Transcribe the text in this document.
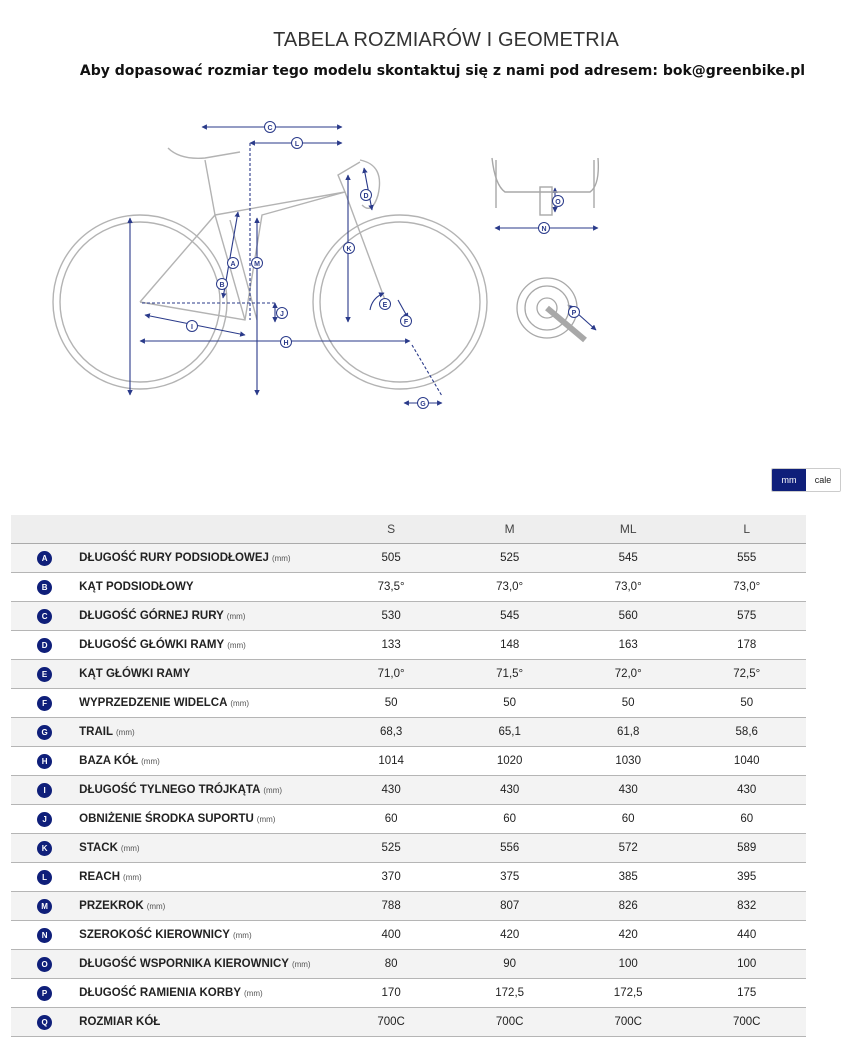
TABELA ROZMIARÓW I GEOMETRIA
Aby dopasować rozmiar tego modelu skontaktuj się z nami pod adresem: bok@greenbike.pl
A
B
C
D
E
F
G
H
I
J
K
L
M
N
O
P
mm	cale
		S	M	ML	L
A	DŁUGOŚĆ RURY PODSIODŁOWEJ (mm)	505	525	545	555
B	KĄT PODSIODŁOWY	73,5°	73,0°	73,0°	73,0°
C	DŁUGOŚĆ GÓRNEJ RURY (mm)	530	545	560	575
D	DŁUGOŚĆ GŁÓWKI RAMY (mm)	133	148	163	178
E	KĄT GŁÓWKI RAMY	71,0°	71,5°	72,0°	72,5°
F	WYPRZEDZENIE WIDELCA (mm)	50	50	50	50
G	TRAIL (mm)	68,3	65,1	61,8	58,6
H	BAZA KÓŁ (mm)	1014	1020	1030	1040
I	DŁUGOŚĆ TYLNEGO TRÓJKĄTA (mm)	430	430	430	430
J	OBNIŻENIE ŚRODKA SUPORTU (mm)	60	60	60	60
K	STACK (mm)	525	556	572	589
L	REACH (mm)	370	375	385	395
M	PRZEKROK (mm)	788	807	826	832
N	SZEROKOŚĆ KIEROWNICY (mm)	400	420	420	440
O	DŁUGOŚĆ WSPORNIKA KIEROWNICY (mm)	80	90	100	100
P	DŁUGOŚĆ RAMIENIA KORBY (mm)	170	172,5	172,5	175
Q	ROZMIAR KÓŁ	700C	700C	700C	700C
